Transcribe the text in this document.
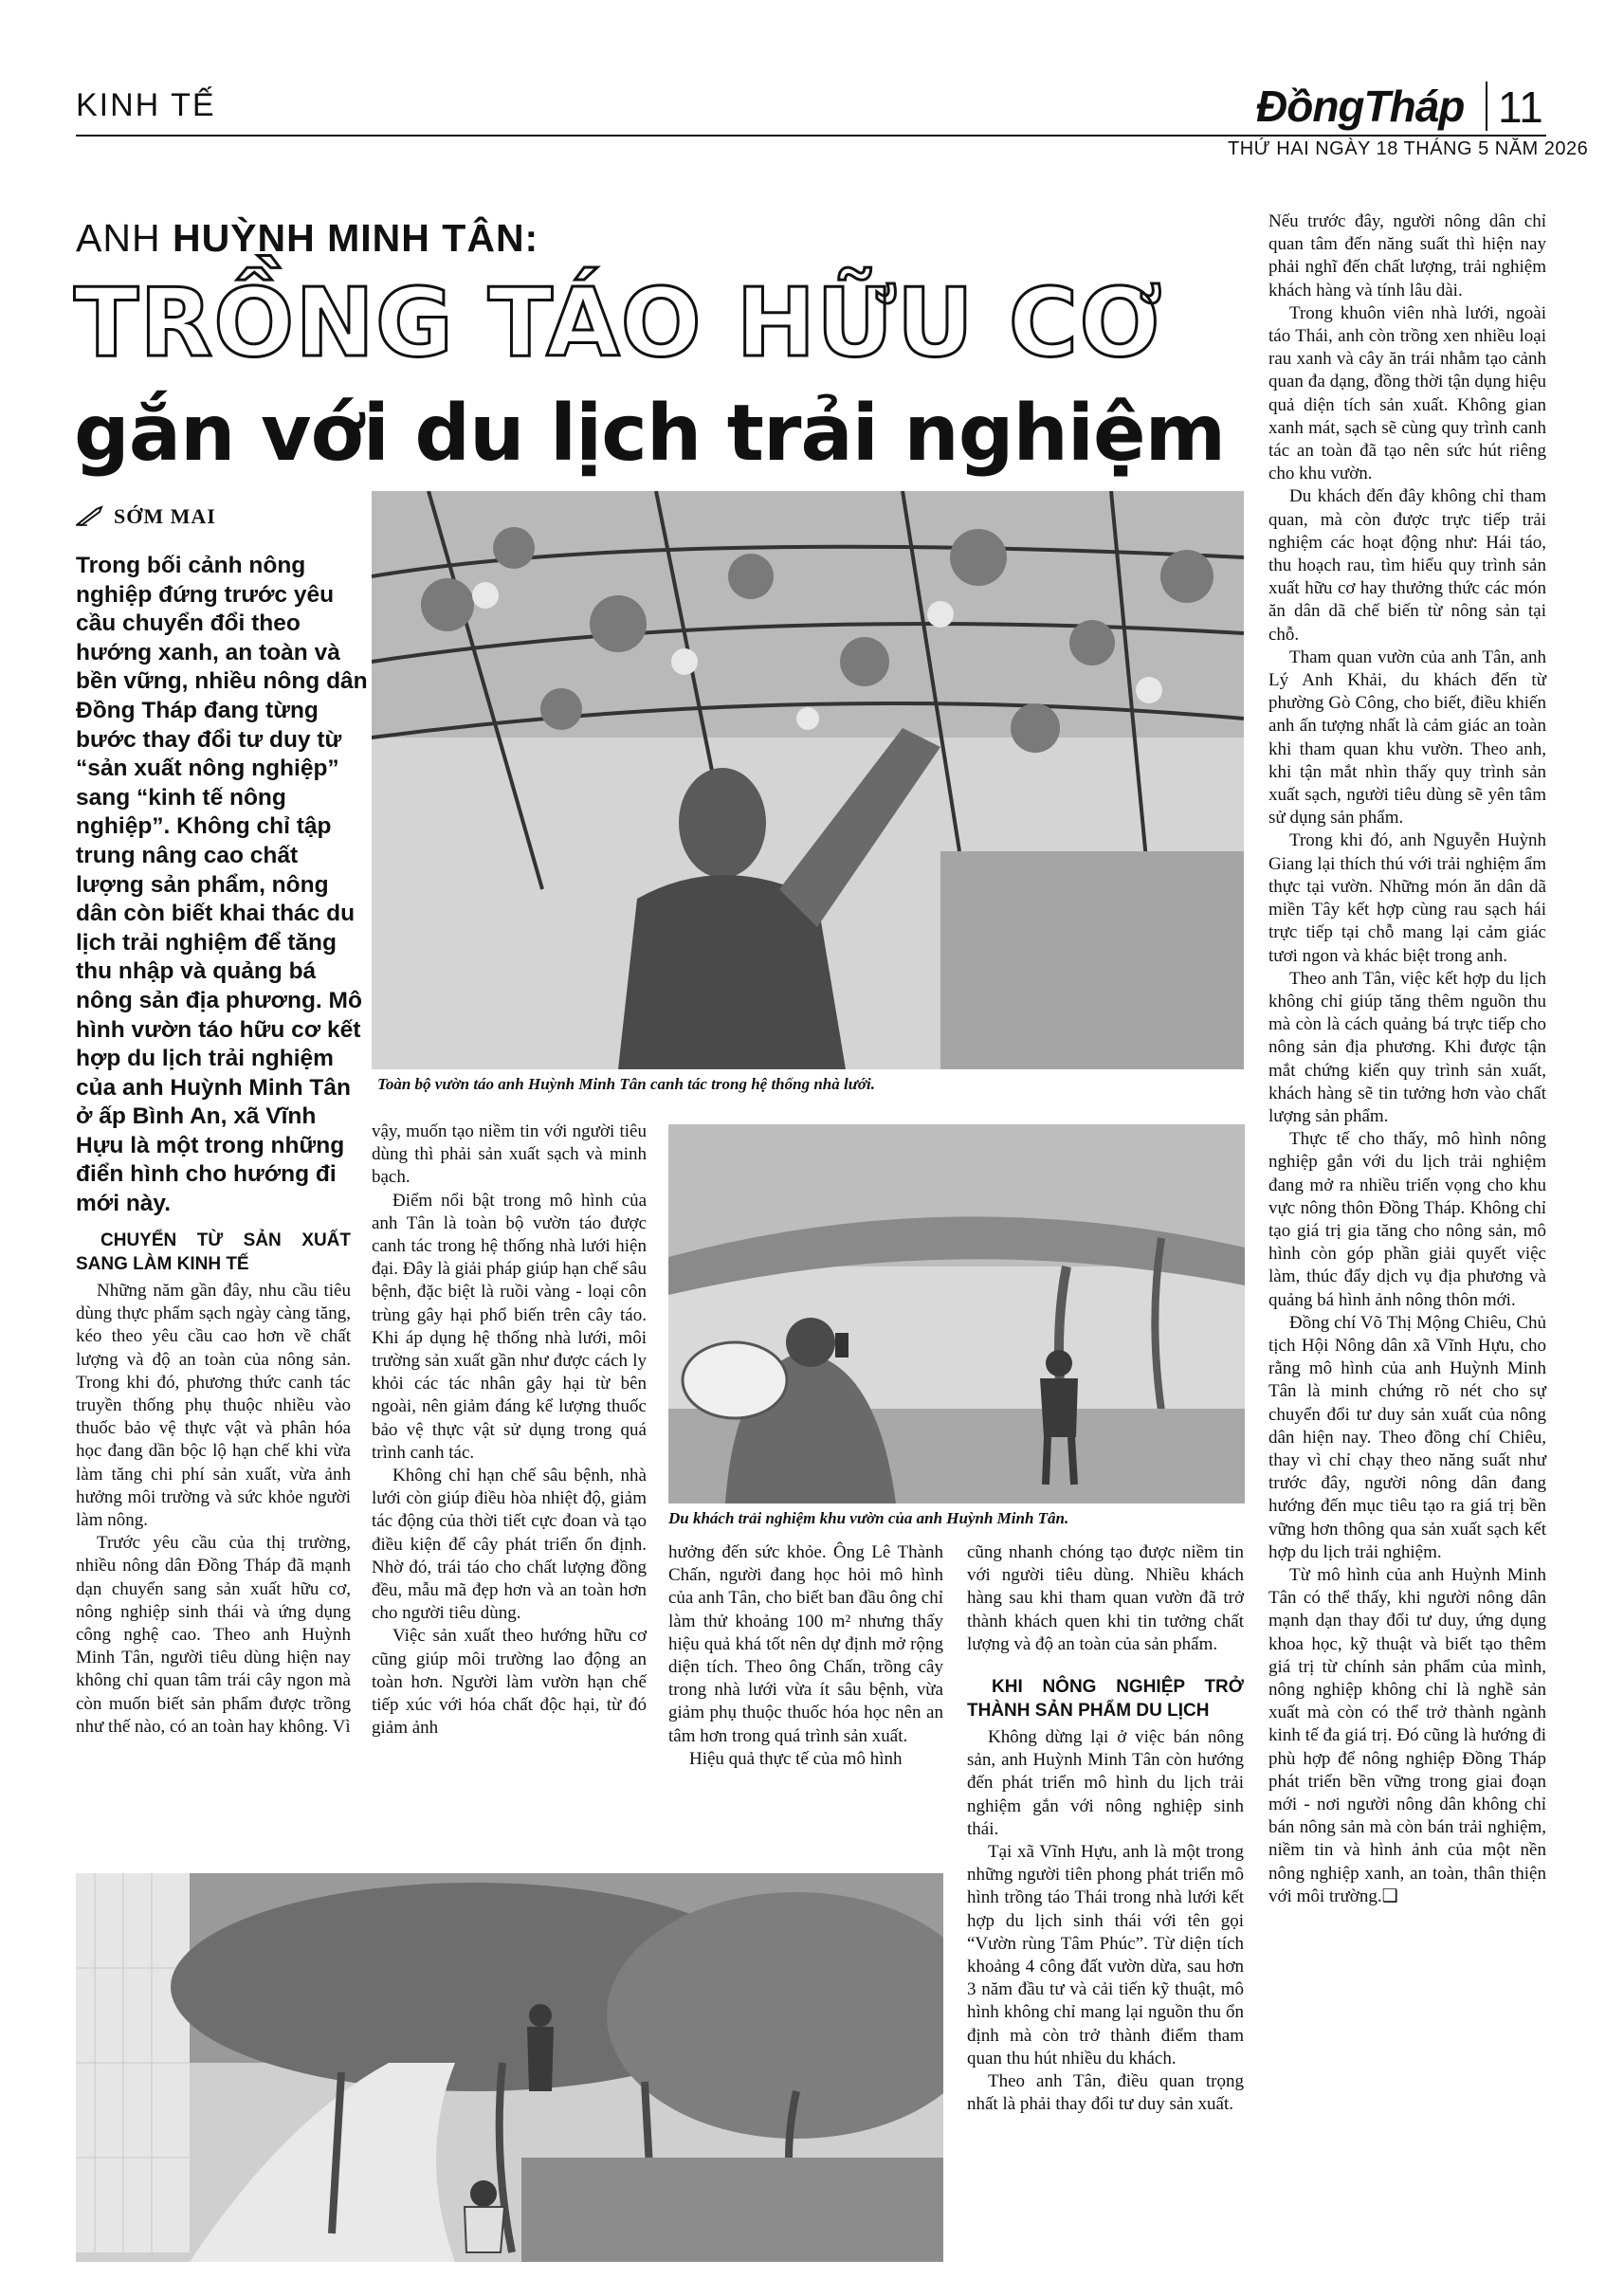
KINH TẾ	ĐồngTháp 11
THỨ HAI NGÀY 18 THÁNG 5 NĂM 2026
ANH HUỲNH MINH TÂN:
TRỒNG TÁO HỮU CƠ
gắn với du lịch trải nghiệm
SỚM MAI
Trong bối cảnh nông nghiệp đứng trước yêu cầu chuyển đổi theo hướng xanh, an toàn và bền vững, nhiều nông dân Đồng Tháp đang từng bước thay đổi tư duy từ “sản xuất nông nghiệp” sang “kinh tế nông nghiệp”. Không chỉ tập trung nâng cao chất lượng sản phẩm, nông dân còn biết khai thác du lịch trải nghiệm để tăng thu nhập và quảng bá nông sản địa phương. Mô hình vườn táo hữu cơ kết hợp du lịch trải nghiệm của anh Huỳnh Minh Tân ở ấp Bình An, xã Vĩnh Hựu là một trong những điển hình cho hướng đi mới này.
Toàn bộ vườn táo anh Huỳnh Minh Tân canh tác trong hệ thống nhà lưới.

CHUYỂN TỪ SẢN XUẤT SANG LÀM KINH TẾ

Những năm gần đây, nhu cầu tiêu dùng thực phẩm sạch ngày càng tăng, kéo theo yêu cầu cao hơn về chất lượng và độ an toàn của nông sản. Trong khi đó, phương thức canh tác truyền thống phụ thuộc nhiều vào thuốc bảo vệ thực vật và phân hóa học đang dần bộc lộ hạn chế khi vừa làm tăng chi phí sản xuất, vừa ảnh hưởng môi trường và sức khỏe người làm nông.

Trước yêu cầu của thị trường, nhiều nông dân Đồng Tháp đã mạnh dạn chuyển sang sản xuất hữu cơ, nông nghiệp sinh thái và ứng dụng công nghệ cao. Theo anh Huỳnh Minh Tân, người tiêu dùng hiện nay không chỉ quan tâm trái cây ngon mà còn muốn biết sản phẩm được trồng như thế nào, có an toàn hay không. Vì

vậy, muốn tạo niềm tin với người tiêu dùng thì phải sản xuất sạch và minh bạch.

Điểm nổi bật trong mô hình của anh Tân là toàn bộ vườn táo được canh tác trong hệ thống nhà lưới hiện đại. Đây là giải pháp giúp hạn chế sâu bệnh, đặc biệt là ruồi vàng - loại côn trùng gây hại phổ biến trên cây táo. Khi áp dụng hệ thống nhà lưới, môi trường sản xuất gần như được cách ly khỏi các tác nhân gây hại từ bên ngoài, nên giảm đáng kể lượng thuốc bảo vệ thực vật sử dụng trong quá trình canh tác.

Không chỉ hạn chế sâu bệnh, nhà lưới còn giúp điều hòa nhiệt độ, giảm tác động của thời tiết cực đoan và tạo điều kiện để cây phát triển ổn định. Nhờ đó, trái táo cho chất lượng đồng đều, mẫu mã đẹp hơn và an toàn hơn cho người tiêu dùng.

Việc sản xuất theo hướng hữu cơ cũng giúp môi trường lao động an toàn hơn. Người làm vườn hạn chế tiếp xúc với hóa chất độc hại, từ đó giảm ảnh

Du khách trải nghiệm khu vườn của anh Huỳnh Minh Tân.

hưởng đến sức khỏe. Ông Lê Thành Chấn, người đang học hỏi mô hình của anh Tân, cho biết ban đầu ông chỉ làm thử khoảng 100 m² nhưng thấy hiệu quả khá tốt nên dự định mở rộng diện tích. Theo ông Chấn, trồng cây trong nhà lưới vừa ít sâu bệnh, vừa giảm phụ thuộc thuốc hóa học nên an tâm hơn trong quá trình sản xuất.

Hiệu quả thực tế của mô hình

cũng nhanh chóng tạo được niềm tin với người tiêu dùng. Nhiều khách hàng sau khi tham quan vườn đã trở thành khách quen khi tin tưởng chất lượng và độ an toàn của sản phẩm.

KHI NÔNG NGHIỆP TRỞ THÀNH SẢN PHẨM DU LỊCH

Không dừng lại ở việc bán nông sản, anh Huỳnh Minh Tân còn hướng đến phát triển mô hình du lịch trải nghiệm gắn với nông nghiệp sinh thái.

Tại xã Vĩnh Hựu, anh là một trong những người tiên phong phát triển mô hình trồng táo Thái trong nhà lưới kết hợp du lịch sinh thái với tên gọi “Vườn rùng Tâm Phúc”. Từ diện tích khoảng 4 công đất vườn dừa, sau hơn 3 năm đầu tư và cải tiến kỹ thuật, mô hình không chỉ mang lại nguồn thu ổn định mà còn trở thành điểm tham quan thu hút nhiều du khách.

Theo anh Tân, điều quan trọng nhất là phải thay đổi tư duy sản xuất.

Nếu trước đây, người nông dân chỉ quan tâm đến năng suất thì hiện nay phải nghĩ đến chất lượng, trải nghiệm khách hàng và tính lâu dài.

Trong khuôn viên nhà lưới, ngoài táo Thái, anh còn trồng xen nhiều loại rau xanh và cây ăn trái nhằm tạo cảnh quan đa dạng, đồng thời tận dụng hiệu quả diện tích sản xuất. Không gian xanh mát, sạch sẽ cùng quy trình canh tác an toàn đã tạo nên sức hút riêng cho khu vườn.

Du khách đến đây không chỉ tham quan, mà còn được trực tiếp trải nghiệm các hoạt động như: Hái táo, thu hoạch rau, tìm hiểu quy trình sản xuất hữu cơ hay thưởng thức các món ăn dân dã chế biến từ nông sản tại chỗ.

Tham quan vườn của anh Tân, anh Lý Anh Khải, du khách đến từ phường Gò Công, cho biết, điều khiến anh ấn tượng nhất là cảm giác an toàn khi tham quan khu vườn. Theo anh, khi tận mắt nhìn thấy quy trình sản xuất sạch, người tiêu dùng sẽ yên tâm sử dụng sản phẩm.

Trong khi đó, anh Nguyễn Huỳnh Giang lại thích thú với trải nghiệm ẩm thực tại vườn. Những món ăn dân dã miền Tây kết hợp cùng rau sạch hái trực tiếp tại chỗ mang lại cảm giác tươi ngon và khác biệt trong anh.

Theo anh Tân, việc kết hợp du lịch không chỉ giúp tăng thêm nguồn thu mà còn là cách quảng bá trực tiếp cho nông sản địa phương. Khi được tận mắt chứng kiến quy trình sản xuất, khách hàng sẽ tin tưởng hơn vào chất lượng sản phẩm.

Thực tế cho thấy, mô hình nông nghiệp gắn với du lịch trải nghiệm đang mở ra nhiều triển vọng cho khu vực nông thôn Đồng Tháp. Không chỉ tạo giá trị gia tăng cho nông sản, mô hình còn góp phần giải quyết việc làm, thúc đẩy dịch vụ địa phương và quảng bá hình ảnh nông thôn mới.

Đồng chí Võ Thị Mộng Chiêu, Chủ tịch Hội Nông dân xã Vĩnh Hựu, cho rằng mô hình của anh Huỳnh Minh Tân là minh chứng rõ nét cho sự chuyển đổi tư duy sản xuất của nông dân hiện nay. Theo đồng chí Chiêu, thay vì chỉ chạy theo năng suất như trước đây, người nông dân đang hướng đến mục tiêu tạo ra giá trị bền vững hơn thông qua sản xuất sạch kết hợp du lịch trải nghiệm.

Từ mô hình của anh Huỳnh Minh Tân có thể thấy, khi người nông dân mạnh dạn thay đổi tư duy, ứng dụng khoa học, kỹ thuật và biết tạo thêm giá trị từ chính sản phẩm của mình, nông nghiệp không chỉ là nghề sản xuất mà còn có thể trở thành ngành kinh tế đa giá trị. Đó cũng là hướng đi phù hợp để nông nghiệp Đồng Tháp phát triển bền vững trong giai đoạn mới - nơi người nông dân không chỉ bán nông sản mà còn bán trải nghiệm, niềm tin và hình ảnh của một nền nông nghiệp xanh, an toàn, thân thiện với môi trường.❑
